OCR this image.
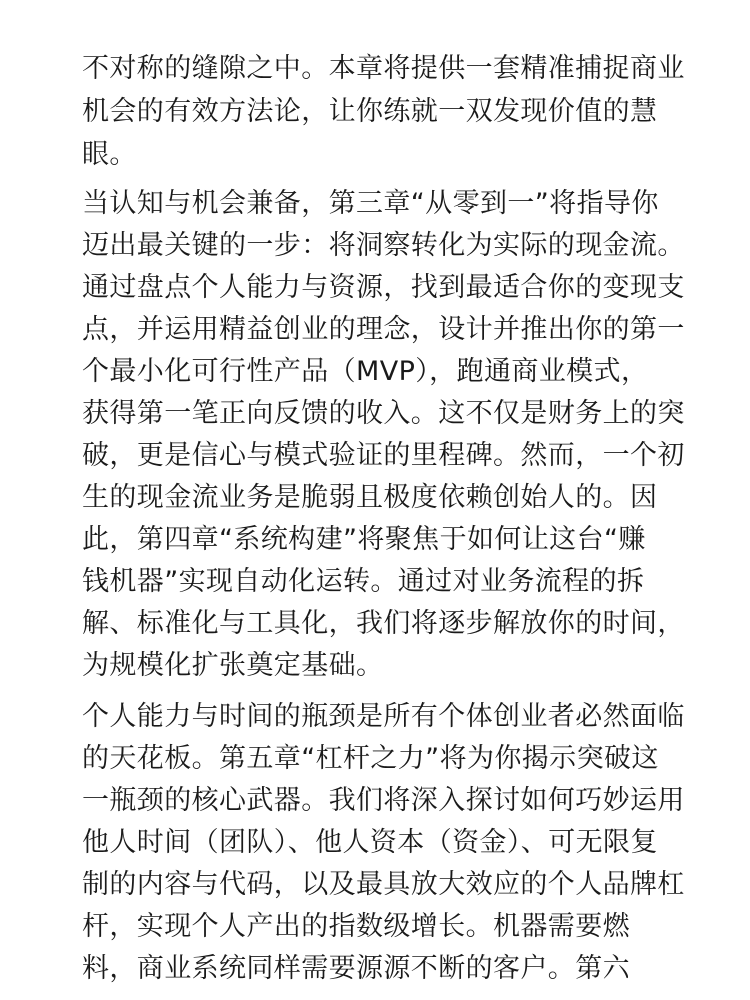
不对称的缝隙之中。本章将提供一套精准捕捉商业
机会的有效方法论，让你练就一双发现价值的慧
眼。
当认知与机会兼备，第三章“从零到一”将指导你
迈出最关键的一步：将洞察转化为实际的现金流。
通过盘点个人能力与资源，找到最适合你的变现支
点，并运用精益创业的理念，设计并推出你的第一
个最小化可行性产品（MVP），跑通商业模式，
获得第一笔正向反馈的收入。这不仅是财务上的突
破，更是信心与模式验证的里程碑。然而，一个初
生的现金流业务是脆弱且极度依赖创始人的。因
此，第四章“系统构建”将聚焦于如何让这台“赚
钱机器”实现自动化运转。通过对业务流程的拆
解、标准化与工具化，我们将逐步解放你的时间，
为规模化扩张奠定基础。
个人能力与时间的瓶颈是所有个体创业者必然面临
的天花板。第五章“杠杆之力”将为你揭示突破这
一瓶颈的核心武器。我们将深入探讨如何巧妙运用
他人时间（团队）、他人资本（资金）、可无限复
制的内容与代码，以及最具放大效应的个人品牌杠
杆，实现个人产出的指数级增长。机器需要燃
料，商业系统同样需要源源不断的客户。第六
